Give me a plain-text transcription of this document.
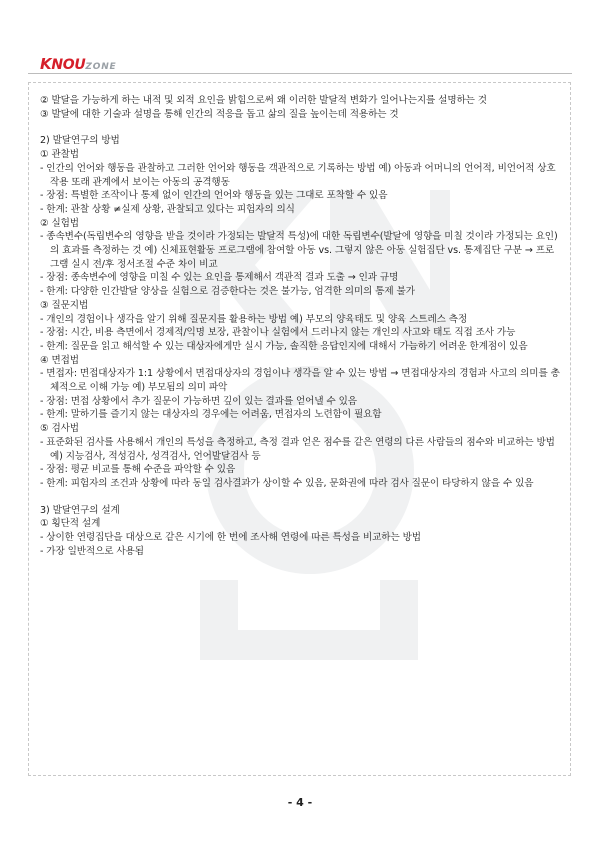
KNOUZONE
② 발달을 가능하게 하는 내적 및 외적 요인을 밝힘으로써 왜 이러한 발달적 변화가 일어나는지를 설명하는 것
③ 발달에 대한 기술과 설명을 통해 인간의 적응을 돕고 삶의 질을 높이는데 적용하는 것
2) 발달연구의 방법
① 관찰법
- 인간의 언어와 행동을 관찰하고 그러한 언어와 행동을 객관적으로 기록하는 방법 예) 아동과 어머니의 언어적, 비언어적 상호작용 또래 관계에서 보이는 아동의 공격행동
- 장점: 특별한 조작이나 통제 없이 인간의 언어와 행동을 있는 그대로 포착할 수 있음
- 한계: 관찰 상황 ≠실제 상황, 관찰되고 있다는 피험자의 의식
② 실험법
- 종속변수(독립변수의 영향을 받을 것이라 가정되는 발달적 특성)에 대한 독립변수(발달에 영향을 미칠 것이라 가정되는 요인)의 효과를 측정하는 것 예) 신체표현활동 프로그램에 참여할 아동 vs. 그렇지 않은 아동 실험집단 vs. 통제집단 구분 → 프로그램 실시 전/후 정서조절 수준 차이 비교
- 장점: 종속변수에 영향을 미칠 수 있는 요인을 통제해서 객관적 결과 도출 → 인과 규명
- 한계: 다양한 인간발달 양상을 실험으로 검증한다는 것은 불가능, 엄격한 의미의 통제 불가
③ 질문지법
- 개인의 경험이나 생각을 알기 위해 질문지를 활용하는 방법 예) 부모의 양육태도 및 양육 스트레스 측정
- 장점: 시간, 비용 측면에서 경제적/익명 보장, 관찰이나 실험에서 드러나지 않는 개인의 사고와 태도 직접 조사 가능
- 한계: 질문을 읽고 해석할 수 있는 대상자에게만 실시 가능, 솔직한 응답인지에 대해서 가늠하기 어려운 한계점이 있음
④ 면접법
- 면접자: 면접대상자가 1:1 상황에서 면접대상자의 경험이나 생각을 알 수 있는 방법 → 면접대상자의 경험과 사고의 의미를 총체적으로 이해 가능 예) 부모됨의 의미 파악
- 장점: 면접 상황에서 추가 질문이 가능하면 깊이 있는 결과를 얻어낼 수 있음
- 한계: 말하기를 즐기지 않는 대상자의 경우에는 어려움, 면접자의 노련함이 필요함
⑤ 검사법
- 표준화된 검사를 사용해서 개인의 특성을 측정하고, 측정 결과 얻은 점수를 같은 연령의 다른 사람들의 점수와 비교하는 방법 예) 지능검사, 적성검사, 성격검사, 언어발달검사 등
- 장점: 평균 비교를 통해 수준을 파악할 수 있음
- 한계: 피험자의 조건과 상황에 따라 동일 검사결과가 상이할 수 있음, 문화권에 따라 검사 질문이 타당하지 않을 수 있음
3) 발달연구의 설계
① 횡단적 설계
- 상이한 연령집단을 대상으로 같은 시기에 한 번에 조사해 연령에 따른 특성을 비교하는 방법
- 가장 일반적으로 사용됨
- 4 -
